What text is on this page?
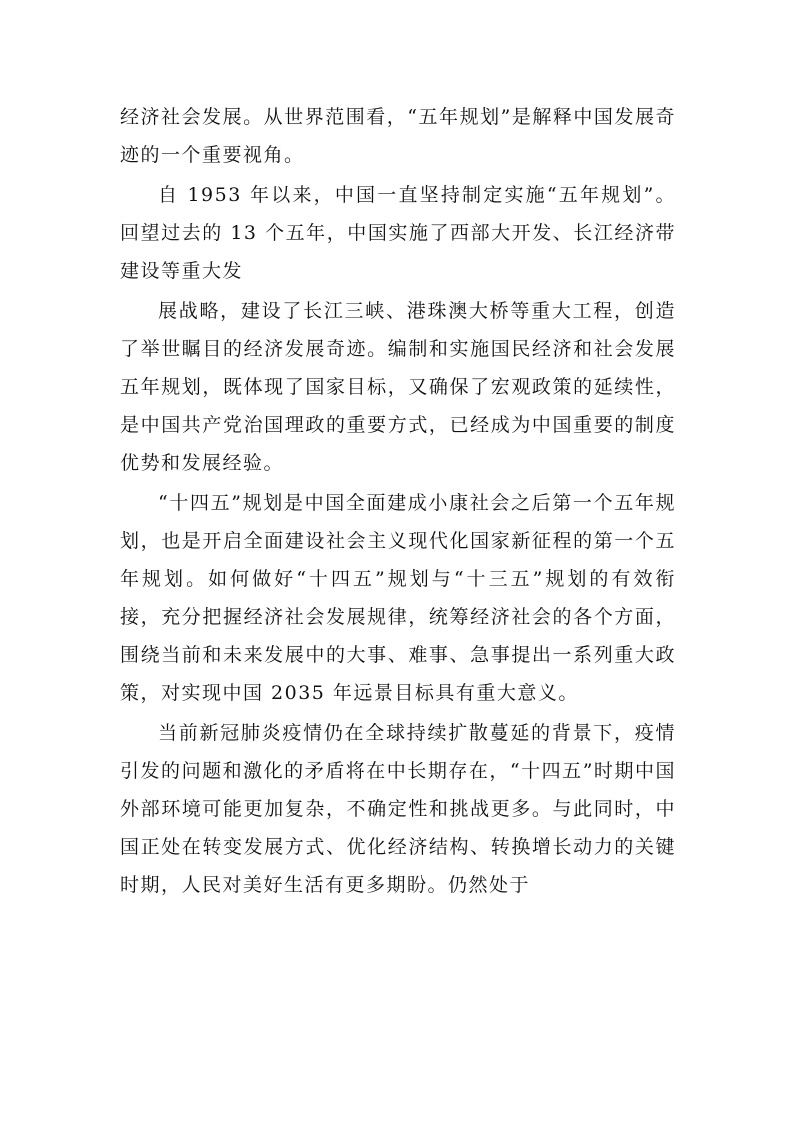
经济社会发展。从世界范围看，“五年规划”是解释中国发展奇迹的一个重要视角。

自 1953 年以来，中国一直坚持制定实施“五年规划”。回望过去的 13 个五年，中国实施了西部大开发、长江经济带建设等重大发

展战略，建设了长江三峡、港珠澳大桥等重大工程，创造了举世瞩目的经济发展奇迹。编制和实施国民经济和社会发展五年规划，既体现了国家目标，又确保了宏观政策的延续性，是中国共产党治国理政的重要方式，已经成为中国重要的制度优势和发展经验。

“十四五”规划是中国全面建成小康社会之后第一个五年规划，也是开启全面建设社会主义现代化国家新征程的第一个五年规划。如何做好“十四五”规划与“十三五”规划的有效衔接，充分把握经济社会发展规律，统筹经济社会的各个方面，围绕当前和未来发展中的大事、难事、急事提出一系列重大政策，对实现中国 2035 年远景目标具有重大意义。

当前新冠肺炎疫情仍在全球持续扩散蔓延的背景下，疫情引发的问题和激化的矛盾将在中长期存在，“十四五”时期中国外部环境可能更加复杂，不确定性和挑战更多。与此同时，中国正处在转变发展方式、优化经济结构、转换增长动力的关键时期，人民对美好生活有更多期盼。仍然处于
